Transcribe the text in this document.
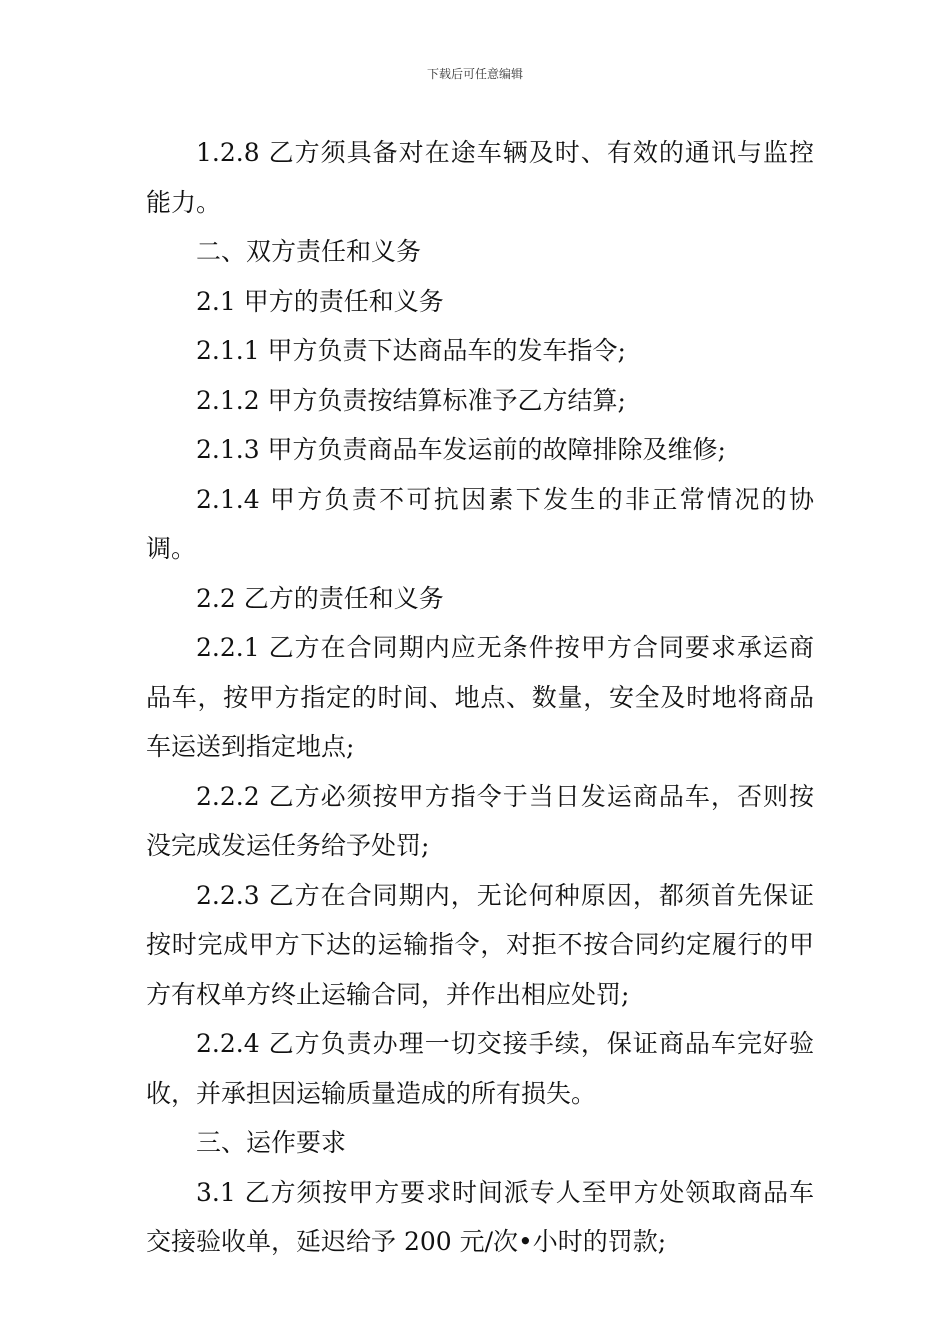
下载后可任意编辑

1.2.8 乙方须具备对在途车辆及时、有效的通讯与监控能力。

二、双方责任和义务

2.1 甲方的责任和义务

2.1.1 甲方负责下达商品车的发车指令;

2.1.2 甲方负责按结算标准予乙方结算;

2.1.3 甲方负责商品车发运前的故障排除及维修;

2.1.4 甲方负责不可抗因素下发生的非正常情况的协调。

2.2 乙方的责任和义务

2.2.1 乙方在合同期内应无条件按甲方合同要求承运商品车，按甲方指定的时间、地点、数量，安全及时地将商品车运送到指定地点;

2.2.2 乙方必须按甲方指令于当日发运商品车，否则按没完成发运任务给予处罚;

2.2.3 乙方在合同期内，无论何种原因，都须首先保证按时完成甲方下达的运输指令，对拒不按合同约定履行的甲方有权单方终止运输合同，并作出相应处罚;

2.2.4 乙方负责办理一切交接手续，保证商品车完好验收，并承担因运输质量造成的所有损失。

三、运作要求

3.1 乙方须按甲方要求时间派专人至甲方处领取商品车交接验收单，延迟给予 200 元/次•小时的罚款;
